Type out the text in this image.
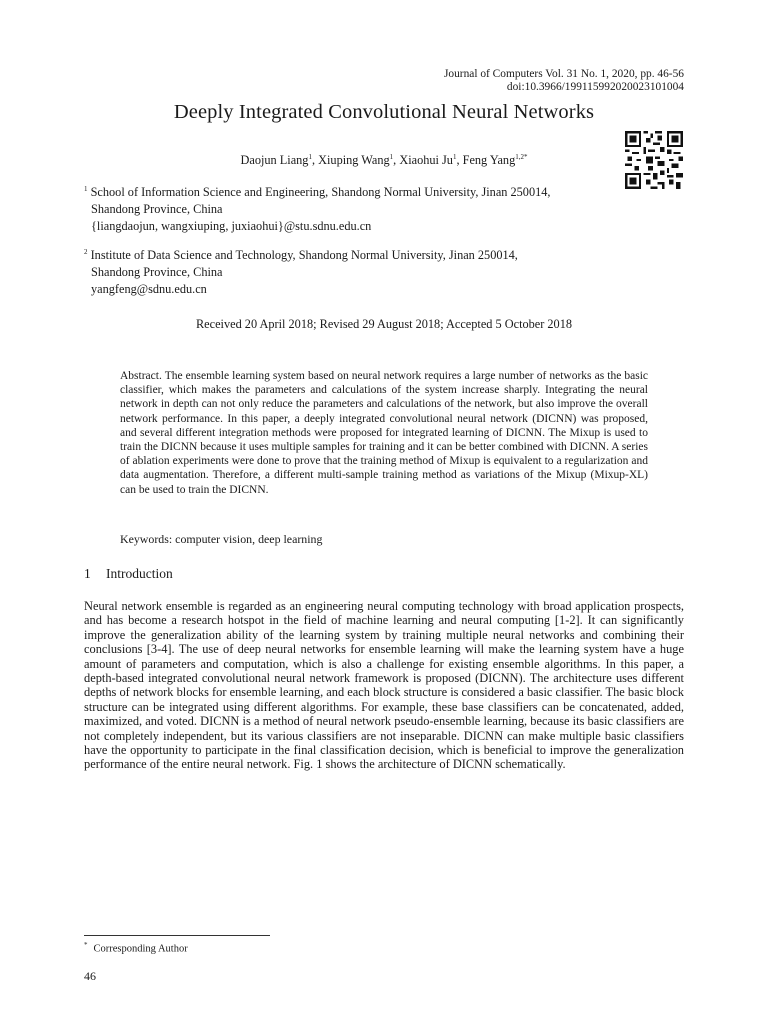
Journal of Computers Vol. 31 No. 1, 2020, pp. 46-56
doi:10.3966/199115992020023101004
Deeply Integrated Convolutional Neural Networks
Daojun Liang$^1$, Xiuping Wang$^1$, Xiaohui Ju$^1$, Feng Yang$^{1,2*}$
$^1$ School of Information Science and Engineering, Shandong Normal University, Jinan 250014,
Shandong Province, China
{liangdaojun, wangxiuping, juxiaohui}@stu.sdnu.edu.cn
$^2$ Institute of Data Science and Technology, Shandong Normal University, Jinan 250014,
Shandong Province, China
yangfeng@sdnu.edu.cn
Received 20 April 2018; Revised 29 August 2018; Accepted 5 October 2018
Abstract. The ensemble learning system based on neural network requires a large number of networks as the basic classifier, which makes the parameters and calculations of the system increase sharply. Integrating the neural network in depth can not only reduce the parameters and calculations of the network, but also improve the overall network performance. In this paper, a deeply integrated convolutional neural network (DICNN) was proposed, and several different integration methods were proposed for integrated learning of DICNN. The Mixup is used to train the DICNN because it uses multiple samples for training and it can be better combined with DICNN. A series of ablation experiments were done to prove that the training method of Mixup is equivalent to a regularization and data augmentation. Therefore, a different multi-sample training method as variations of the Mixup (Mixup-XL) can be used to train the DICNN.
Keywords: computer vision, deep learning
1 Introduction
Neural network ensemble is regarded as an engineering neural computing technology with broad application prospects, and has become a research hotspot in the field of machine learning and neural computing [1-2]. It can significantly improve the generalization ability of the learning system by training multiple neural networks and combining their conclusions [3-4]. The use of deep neural networks for ensemble learning will make the learning system have a huge amount of parameters and computation, which is also a challenge for existing ensemble algorithms. In this paper, a depth-based integrated convolutional neural network framework is proposed (DICNN). The architecture uses different depths of network blocks for ensemble learning, and each block structure is considered a basic classifier. The basic block structure can be integrated using different algorithms. For example, these base classifiers can be concatenated, added, maximized, and voted. DICNN is a method of neural network pseudo-ensemble learning, because its basic classifiers are not completely independent, but its various classifiers are not inseparable. DICNN can make multiple basic classifiers have the opportunity to participate in the final classification decision, which is beneficial to improve the generalization performance of the entire neural network. Fig. 1 shows the architecture of DICNN schematically.
* Corresponding Author
46
